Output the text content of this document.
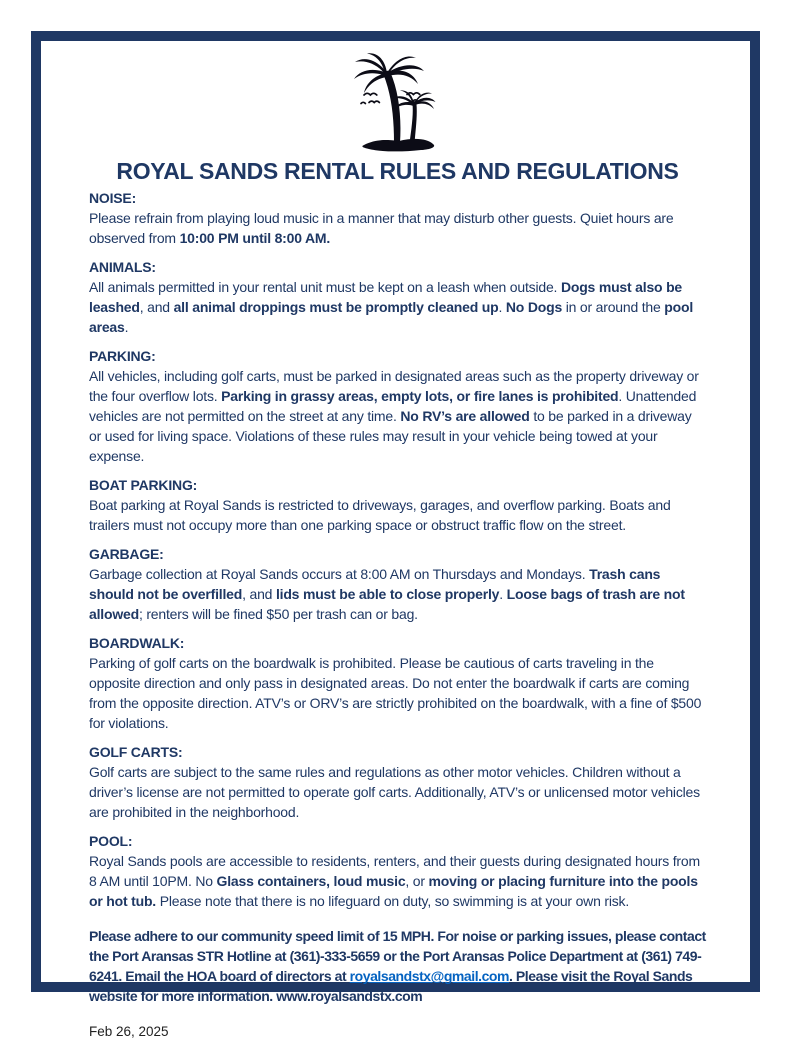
ROYAL SANDS RENTAL RULES AND REGULATIONS
NOISE:

Please refrain from playing loud music in a manner that may disturb other guests. Quiet hours are observed from 10:00 PM until 8:00 AM.

ANIMALS:

All animals permitted in your rental unit must be kept on a leash when outside. Dogs must also be leashed, and all animal droppings must be promptly cleaned up. No Dogs in or around the pool areas.

PARKING:

All vehicles, including golf carts, must be parked in designated areas such as the property driveway or the four overflow lots. Parking in grassy areas, empty lots, or fire lanes is prohibited. Unattended vehicles are not permitted on the street at any time. No RV’s are allowed to be parked in a driveway or used for living space. Violations of these rules may result in your vehicle being towed at your expense.

BOAT PARKING:

Boat parking at Royal Sands is restricted to driveways, garages, and overflow parking. Boats and trailers must not occupy more than one parking space or obstruct traffic flow on the street.

GARBAGE:

Garbage collection at Royal Sands occurs at 8:00 AM on Thursdays and Mondays. Trash cans should not be overfilled, and lids must be able to close properly. Loose bags of trash are not allowed; renters will be fined $50 per trash can or bag.

BOARDWALK:

Parking of golf carts on the boardwalk is prohibited. Please be cautious of carts traveling in the opposite direction and only pass in designated areas. Do not enter the boardwalk if carts are coming from the opposite direction. ATV’s or ORV’s are strictly prohibited on the boardwalk, with a fine of $500 for violations.

GOLF CARTS:

Golf carts are subject to the same rules and regulations as other motor vehicles. Children without a driver’s license are not permitted to operate golf carts. Additionally, ATV’s or unlicensed motor vehicles are prohibited in the neighborhood.

POOL:

Royal Sands pools are accessible to residents, renters, and their guests during designated hours from 8 AM until 10PM. No Glass containers, loud music, or moving or placing furniture into the pools or hot tub. Please note that there is no lifeguard on duty, so swimming is at your own risk.

Please adhere to our community speed limit of 15 MPH. For noise or parking issues, please contact the Port Aransas STR Hotline at (361)-333-5659 or the Port Aransas Police Department at (361) 749-6241. Email the HOA board of directors at royalsandstx@gmail.com. Please visit the Royal Sands website for more information. www.royalsandstx.com

Feb 26, 2025
